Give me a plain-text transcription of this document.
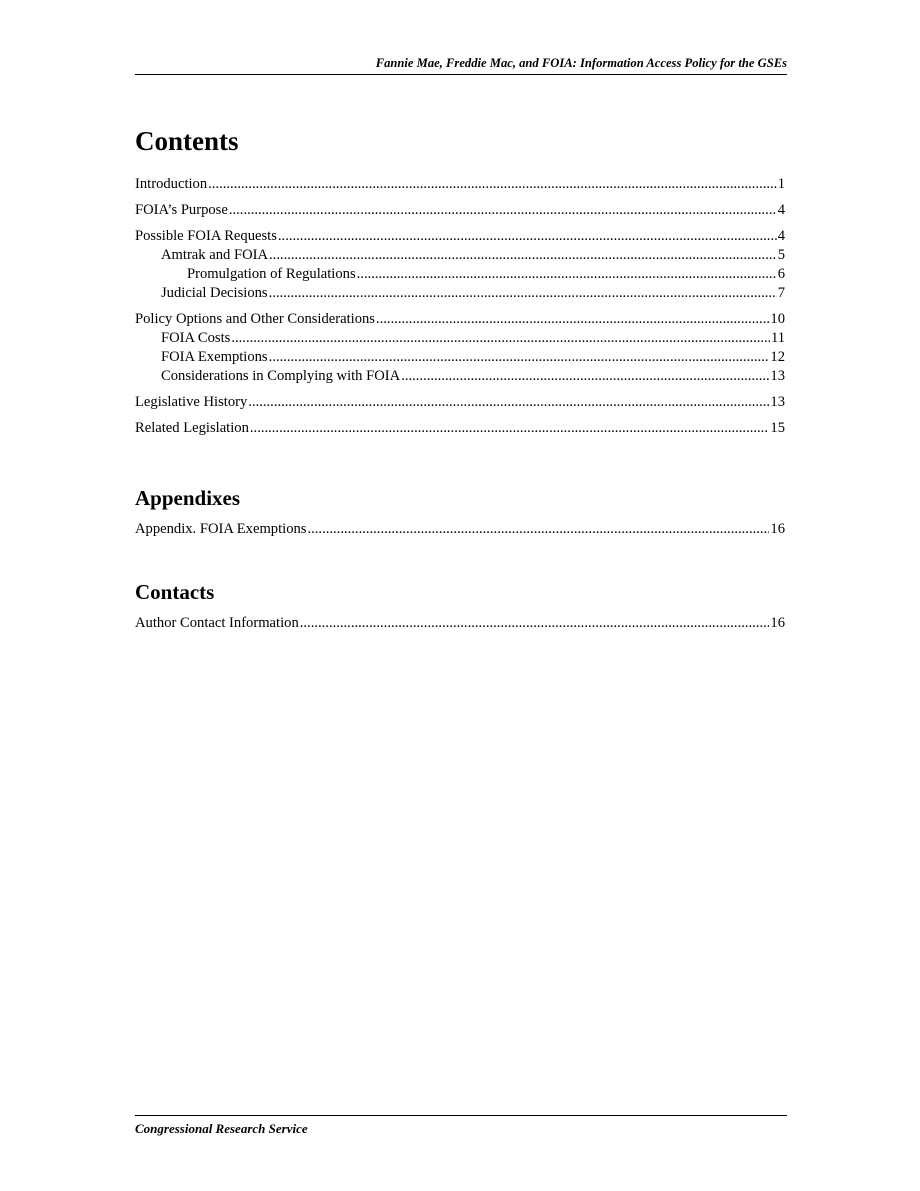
Fannie Mae, Freddie Mac, and FOIA: Information Access Policy for the GSEs
Contents
Introduction .....	1
FOIA’s Purpose .....	4
Possible FOIA Requests .....	4
Amtrak and FOIA .....	5
Promulgation of Regulations .....	6
Judicial Decisions .....	7
Policy Options and Other Considerations .....	10
FOIA Costs .....	11
FOIA Exemptions .....	12
Considerations in Complying with FOIA .....	13
Legislative History .....	13
Related Legislation .....	15
Appendixes
Appendix. FOIA Exemptions .....	16
Contacts
Author Contact Information .....	16
Congressional Research Service
